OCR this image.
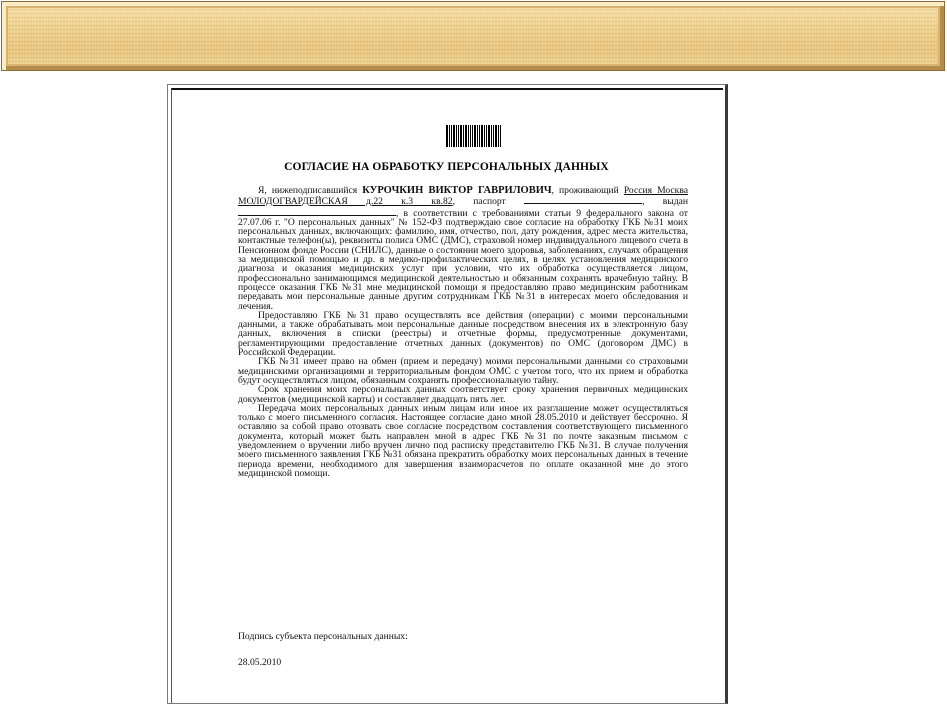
СОГЛАСИЕ НА ОБРАБОТКУ ПЕРСОНАЛЬНЫХ ДАННЫХ

Я, нижеподписавшийся КУРОЧКИН ВИКТОР ГАВРИЛОВИЧ, проживающий Россия Москва МОЛОДОГВАРДЕЙСКАЯ д.22 к.3 кв.82, паспорт	, выдан , в соответствии с требованиями статьи 9 федерального закона от 27.07.06 г. "О персональных данных" № 152-ФЗ подтверждаю свое согласие на обработку ГКБ №31 моих персональных данных, включающих: фамилию, имя, отчество, пол, дату рождения, адрес места жительства, контактные телефон(ы), реквизиты полиса ОМС (ДМС), страховой номер индивидуального лицевого счета в Пенсионном фонде России (СНИЛС), данные о состоянии моего здоровья, заболеваниях, случаях обращения за медицинской помощью и др. в медико-профилактических целях, в целях установления медицинского диагноза и оказания медицинских услуг при условии, что их обработка осуществляется лицом, профессионально занимающимся медицинской деятельностью и обязанным сохранять врачебную тайну. В процессе оказания ГКБ №31 мне медицинской помощи я предоставляю право медицинским работникам передавать мои персональные данные другим сотрудникам ГКБ №31 в интересах моего обследования и лечения.

Предоставляю ГКБ №31 право осуществлять все действия (операции) с моими персональными данными, а также обрабатывать мои персональные данные посредством внесения их в электронную базу данных, включения в списки (реестры) и отчетные формы, предусмотренные документами, регламентирующими предоставление отчетных данных (документов) по ОМС (договором ДМС) в Российской Федерации.

ГКБ №31 имеет право на обмен (прием и передачу) моими персональными данными со страховыми медицинскими организациями и территориальным фондом ОМС с учетом того, что их прием и обработка будут осуществляться лицом, обязанным сохранять профессиональную тайну.

Срок хранения моих персональных данных соответствует сроку хранения первичных медицинских документов (медицинской карты) и составляет двадцать пять лет.

Передача моих персональных данных иным лицам или иное их разглашение может осуществляться только с моего письменного согласия. Настоящее согласие дано мной 28.05.2010 и действует бессрочно. Я оставляю за собой право отозвать свое согласие посредством составления соответствующего письменного документа, который может быть направлен мной в адрес ГКБ №31 по почте заказным письмом с уведомлением о вручении либо вручен лично под расписку представителю ГКБ №31. В случае получения моего письменного заявления ГКБ №31 обязана прекратить обработку моих персональных данных в течение периода времени, необходимого для завершения взаиморасчетов по оплате оказанной мне до этого медицинской помощи.

Подпись субъекта персональных данных:
28.05.2010
